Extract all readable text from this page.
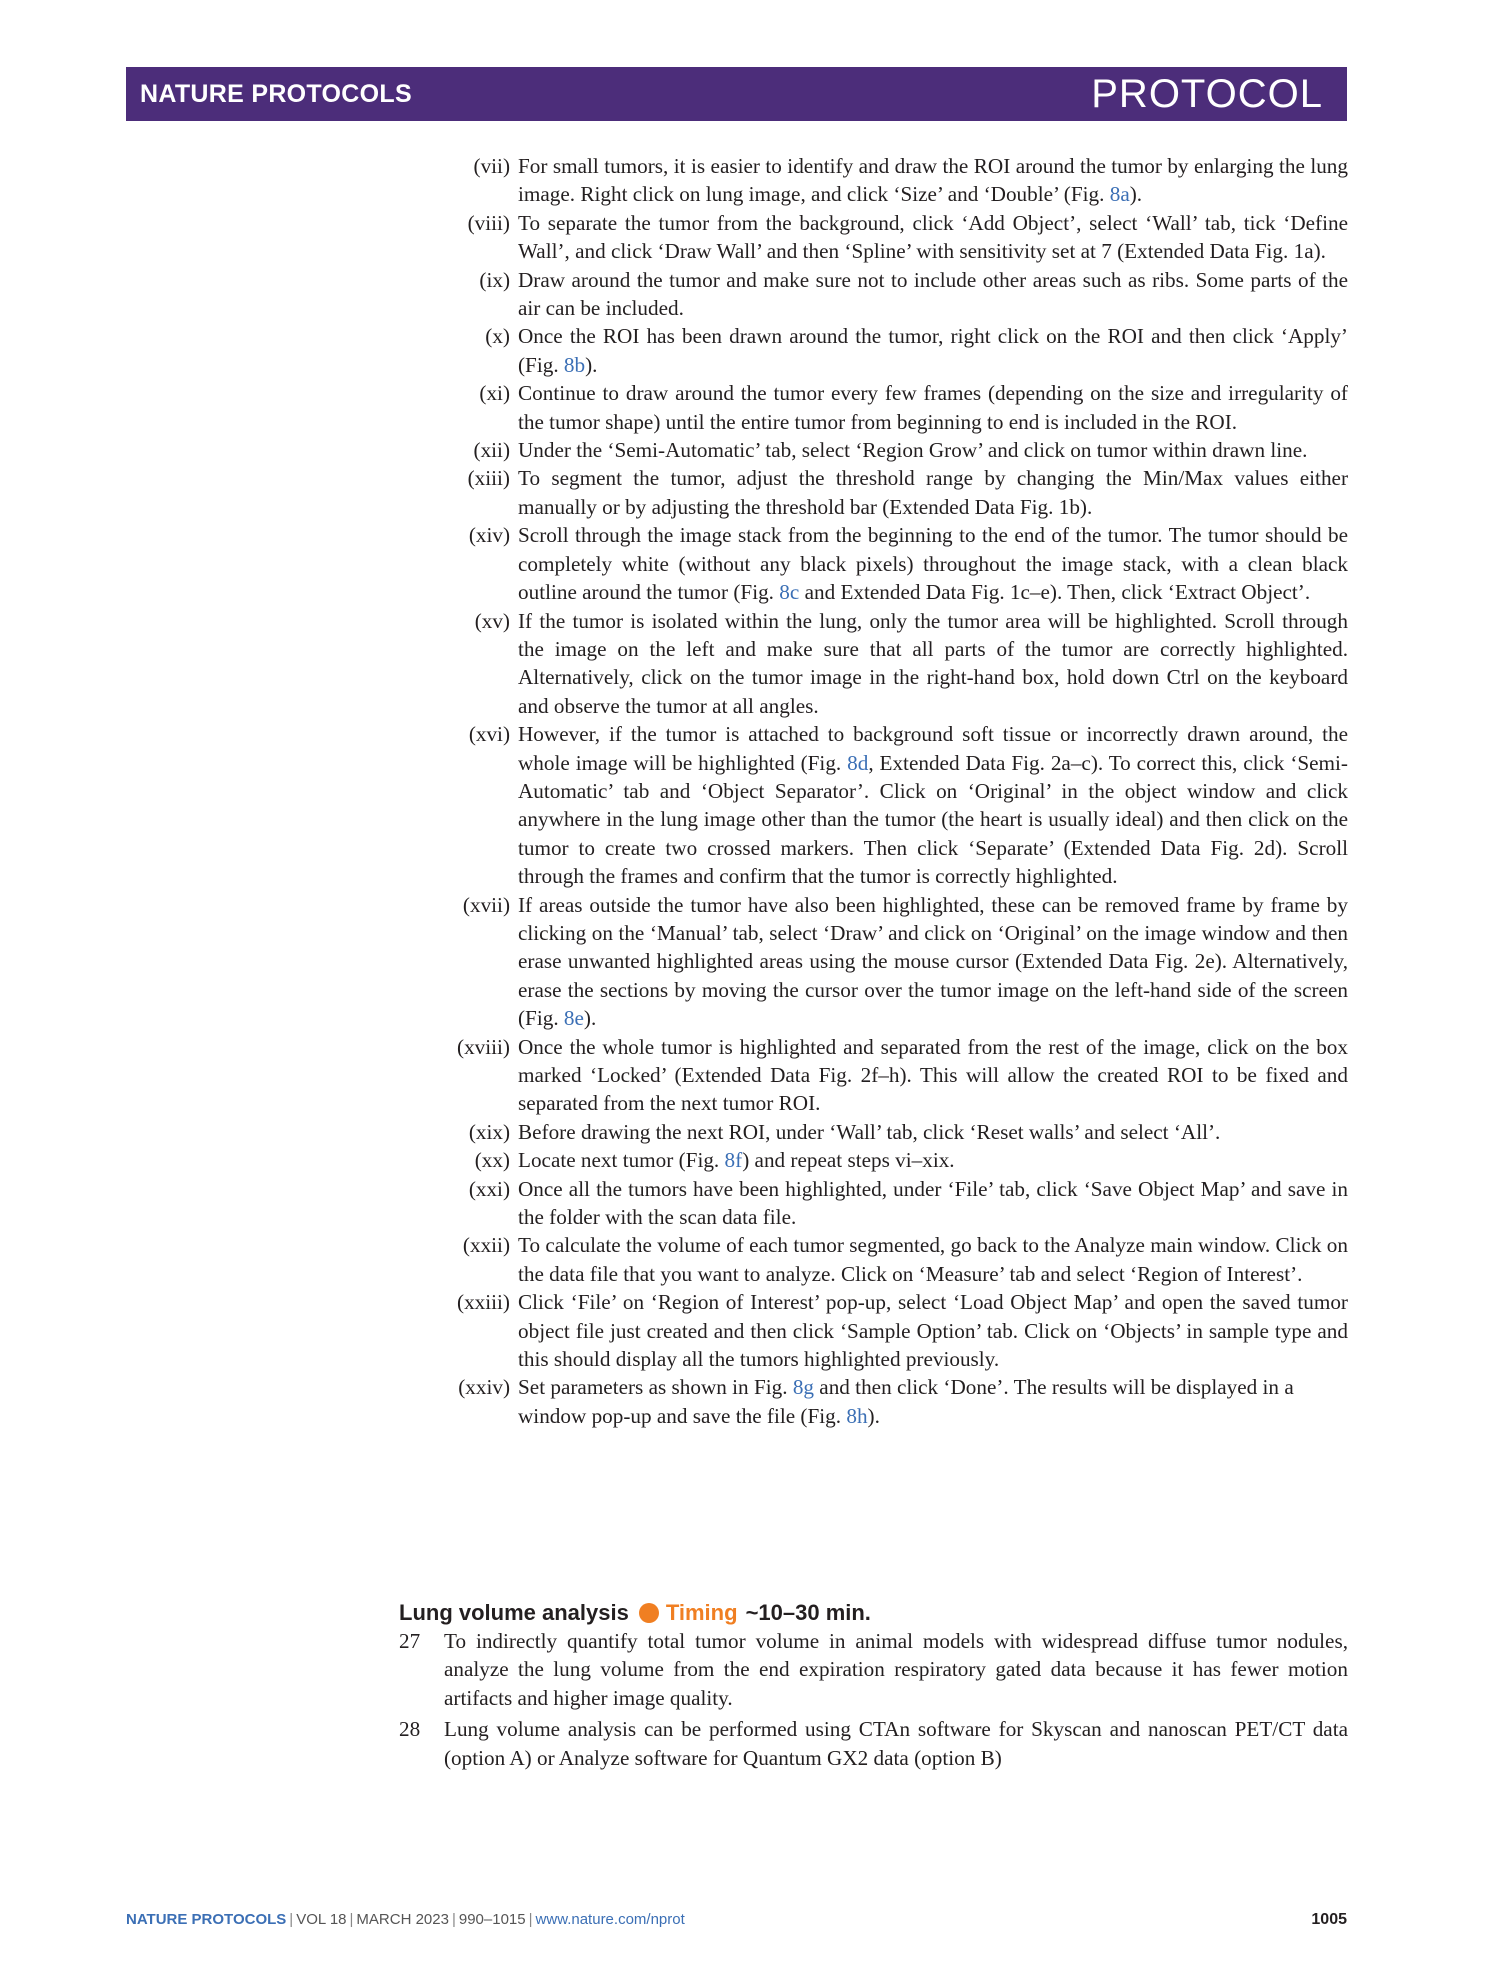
NATURE PROTOCOLS	PROTOCOL
(vii) For small tumors, it is easier to identify and draw the ROI around the tumor by enlarging the lung image. Right click on lung image, and click ‘Size’ and ‘Double’ (Fig. 8a).
(viii) To separate the tumor from the background, click ‘Add Object’, select ‘Wall’ tab, tick ‘Define Wall’, and click ‘Draw Wall’ and then ‘Spline’ with sensitivity set at 7 (Extended Data Fig. 1a).
(ix) Draw around the tumor and make sure not to include other areas such as ribs. Some parts of the air can be included.
(x) Once the ROI has been drawn around the tumor, right click on the ROI and then click ‘Apply’ (Fig. 8b).
(xi) Continue to draw around the tumor every few frames (depending on the size and irregularity of the tumor shape) until the entire tumor from beginning to end is included in the ROI.
(xii) Under the ‘Semi-Automatic’ tab, select ‘Region Grow’ and click on tumor within drawn line.
(xiii) To segment the tumor, adjust the threshold range by changing the Min/Max values either manually or by adjusting the threshold bar (Extended Data Fig. 1b).
(xiv) Scroll through the image stack from the beginning to the end of the tumor. The tumor should be completely white (without any black pixels) throughout the image stack, with a clean black outline around the tumor (Fig. 8c and Extended Data Fig. 1c–e). Then, click ‘Extract Object’.
(xv) If the tumor is isolated within the lung, only the tumor area will be highlighted. Scroll through the image on the left and make sure that all parts of the tumor are correctly highlighted. Alternatively, click on the tumor image in the right-hand box, hold down Ctrl on the keyboard and observe the tumor at all angles.
(xvi) However, if the tumor is attached to background soft tissue or incorrectly drawn around, the whole image will be highlighted (Fig. 8d, Extended Data Fig. 2a–c). To correct this, click ‘Semi-Automatic’ tab and ‘Object Separator’. Click on ‘Original’ in the object window and click anywhere in the lung image other than the tumor (the heart is usually ideal) and then click on the tumor to create two crossed markers. Then click ‘Separate’ (Extended Data Fig. 2d). Scroll through the frames and confirm that the tumor is correctly highlighted.
(xvii) If areas outside the tumor have also been highlighted, these can be removed frame by frame by clicking on the ‘Manual’ tab, select ‘Draw’ and click on ‘Original’ on the image window and then erase unwanted highlighted areas using the mouse cursor (Extended Data Fig. 2e). Alternatively, erase the sections by moving the cursor over the tumor image on the left-hand side of the screen (Fig. 8e).
(xviii) Once the whole tumor is highlighted and separated from the rest of the image, click on the box marked ‘Locked’ (Extended Data Fig. 2f–h). This will allow the created ROI to be fixed and separated from the next tumor ROI.
(xix) Before drawing the next ROI, under ‘Wall’ tab, click ‘Reset walls’ and select ‘All’.
(xx) Locate next tumor (Fig. 8f) and repeat steps vi–xix.
(xxi) Once all the tumors have been highlighted, under ‘File’ tab, click ‘Save Object Map’ and save in the folder with the scan data file.
(xxii) To calculate the volume of each tumor segmented, go back to the Analyze main window. Click on the data file that you want to analyze. Click on ‘Measure’ tab and select ‘Region of Interest’.
(xxiii) Click ‘File’ on ‘Region of Interest’ pop-up, select ‘Load Object Map’ and open the saved tumor object file just created and then click ‘Sample Option’ tab. Click on ‘Objects’ in sample type and this should display all the tumors highlighted previously.
(xxiv) Set parameters as shown in Fig. 8g and then click ‘Done’. The results will be displayed in a window pop-up and save the file (Fig. 8h).
Lung volume analysis Timing ~10–30 min.
27	To indirectly quantify total tumor volume in animal models with widespread diffuse tumor nodules, analyze the lung volume from the end expiration respiratory gated data because it has fewer motion artifacts and higher image quality.
28	Lung volume analysis can be performed using CTAn software for Skyscan and nanoscan PET/CT data (option A) or Analyze software for Quantum GX2 data (option B)
NATURE PROTOCOLS | VOL 18 | MARCH 2023 | 990–1015 | www.nature.com/nprot	1005
